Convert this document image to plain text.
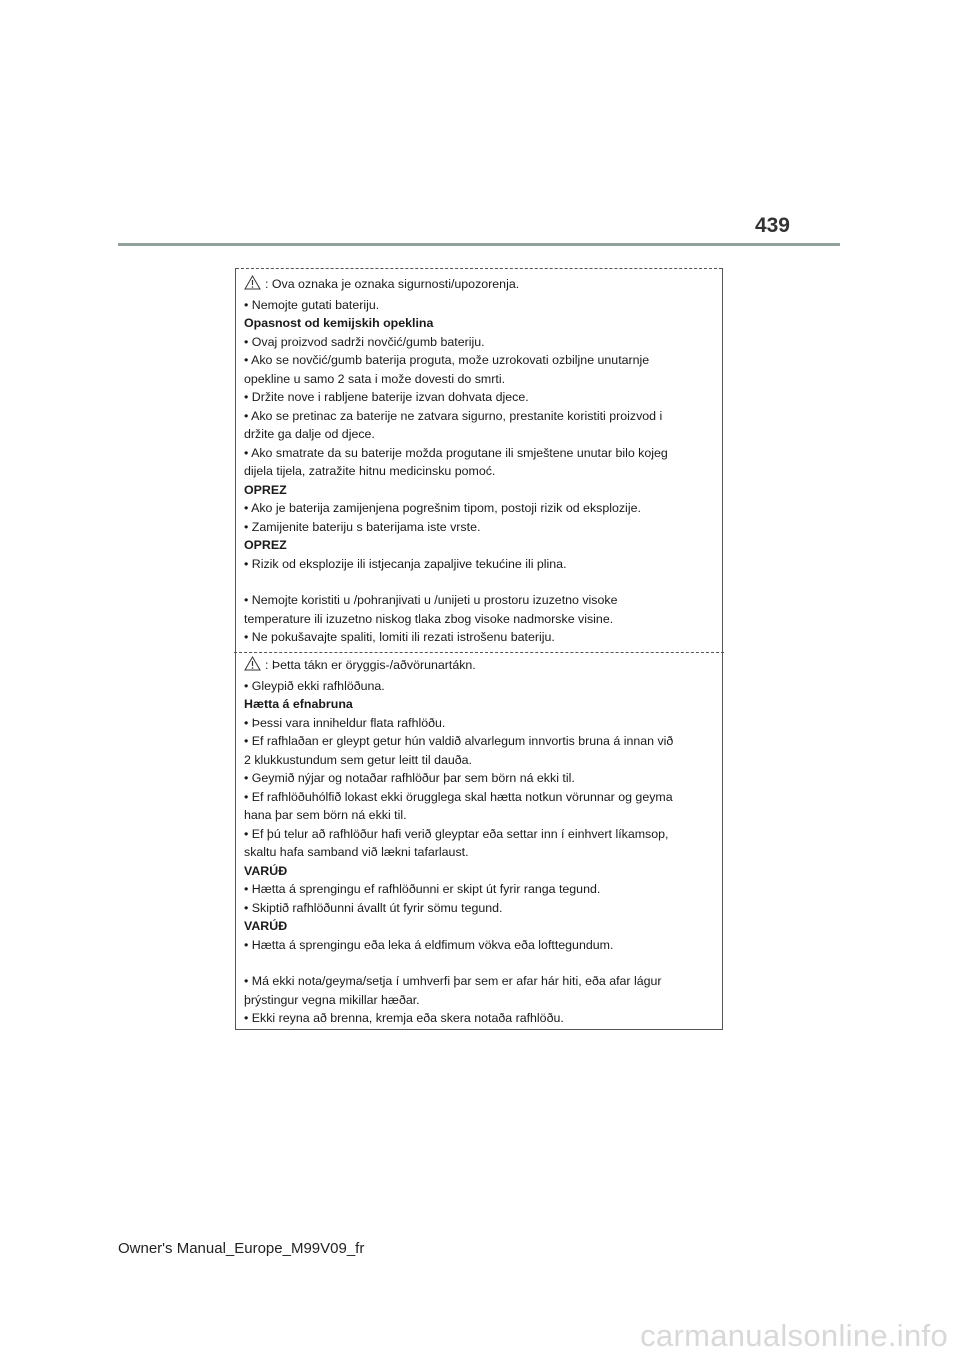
439
: Ova oznaka je oznaka sigurnosti/upozorenja.
• Nemojte gutati bateriju.
Opasnost od kemijskih opeklina
• Ovaj proizvod sadrži novčić/gumb bateriju.
• Ako se novčić/gumb baterija proguta, može uzrokovati ozbiljne unutarnje
opekline u samo 2 sata i može dovesti do smrti.
• Držite nove i rabljene baterije izvan dohvata djece.
• Ako se pretinac za baterije ne zatvara sigurno, prestanite koristiti proizvod i
držite ga dalje od djece.
• Ako smatrate da su baterije možda progutane ili smještene unutar bilo kojeg
dijela tijela, zatražite hitnu medicinsku pomoć.
OPREZ
• Ako je baterija zamijenjena pogrešnim tipom, postoji rizik od eksplozije.
• Zamijenite bateriju s baterijama iste vrste.
OPREZ
• Rizik od eksplozije ili istjecanja zapaljive tekućine ili plina.
• Nemojte koristiti u /pohranjivati u /unijeti u prostoru izuzetno visoke
temperature ili izuzetno niskog tlaka zbog visoke nadmorske visine.
• Ne pokušavajte spaliti, lomiti ili rezati istrošenu bateriju.
: Þetta tákn er öryggis-/aðvörunartákn.
• Gleypið ekki rafhlöðuna.
Hætta á efnabruna
• Þessi vara inniheldur flata rafhlöðu.
• Ef rafhlaðan er gleypt getur hún valdið alvarlegum innvortis bruna á innan við
2 klukkustundum sem getur leitt til dauða.
• Geymið nýjar og notaðar rafhlöður þar sem börn ná ekki til.
• Ef rafhlöðuhólfið lokast ekki örugglega skal hætta notkun vörunnar og geyma
hana þar sem börn ná ekki til.
• Ef þú telur að rafhlöður hafi verið gleyptar eða settar inn í einhvert líkamsop,
skaltu hafa samband við lækni tafarlaust.
VARÚÐ
• Hætta á sprengingu ef rafhlöðunni er skipt út fyrir ranga tegund.
• Skiptið rafhlöðunni ávallt út fyrir sömu tegund.
VARÚÐ
• Hætta á sprengingu eða leka á eldfimum vökva eða lofttegundum.
• Má ekki nota/geyma/setja í umhverfi þar sem er afar hár hiti, eða afar lágur
þrýstingur vegna mikillar hæðar.
• Ekki reyna að brenna, kremja eða skera notaða rafhlöðu.
Owner's Manual_Europe_M99V09_fr
carmanualsonline.info
